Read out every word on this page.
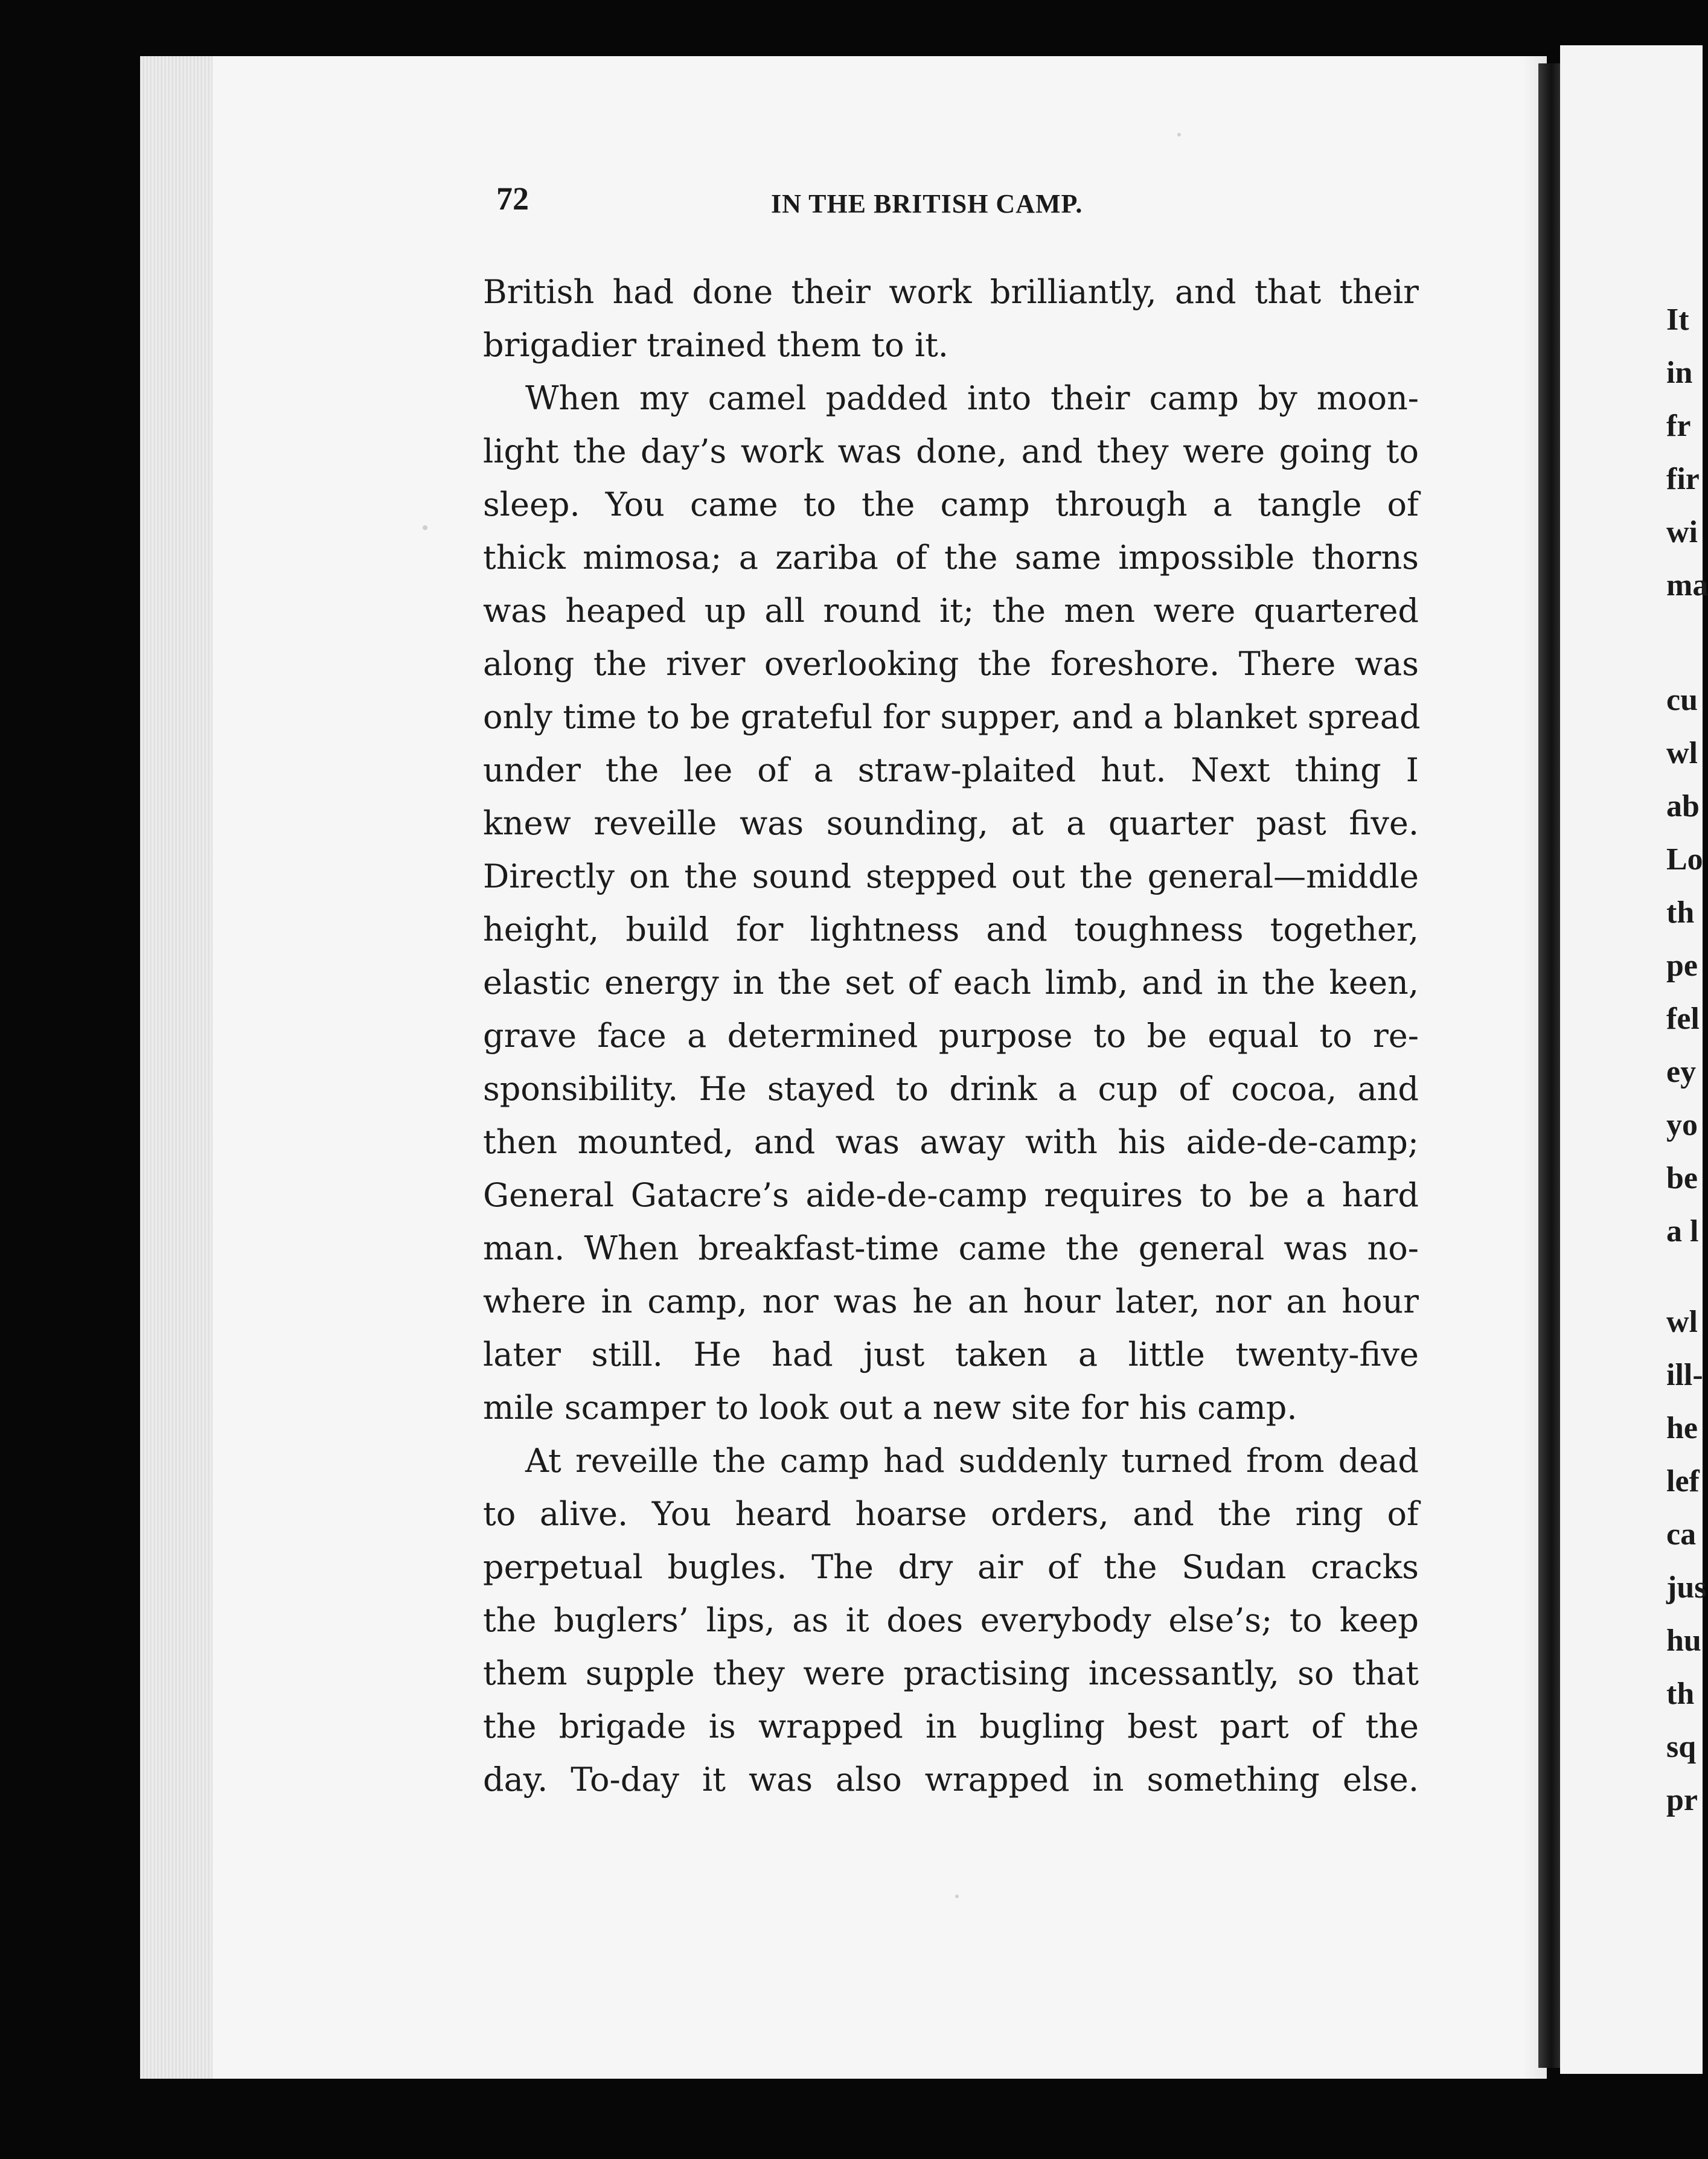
72	IN THE BRITISH CAMP.
British had done their work brilliantly, and that their
brigadier trained them to it.
When my camel padded into their camp by moon-
light the day’s work was done, and they were going to
sleep. You came to the camp through a tangle of
thick mimosa; a zariba of the same impossible thorns
was heaped up all round it; the men were quartered
along the river overlooking the foreshore. There was
only time to be grateful for supper, and a blanket spread
under the lee of a straw-plaited hut. Next thing I
knew reveille was sounding, at a quarter past five.
Directly on the sound stepped out the general—middle
height, build for lightness and toughness together,
elastic energy in the set of each limb, and in the keen,
grave face a determined purpose to be equal to re-
sponsibility. He stayed to drink a cup of cocoa, and
then mounted, and was away with his aide-de-camp;
General Gatacre’s aide-de-camp requires to be a hard
man. When breakfast-time came the general was no-
where in camp, nor was he an hour later, nor an hour
later still. He had just taken a little twenty-five
mile scamper to look out a new site for his camp.
At reveille the camp had suddenly turned from dead
to alive. You heard hoarse orders, and the ring of
perpetual bugles. The dry air of the Sudan cracks
the buglers’ lips, as it does everybody else’s; to keep
them supple they were practising incessantly, so that
the brigade is wrapped in bugling best part of the
day. To-day it was also wrapped in something else.
It
in
fr
fir
wi
ma
cu
wl
ab
Lo
th
pe
fel
ey
yo
be
a l
wl
ill-
he
lef
ca
jus
hu
th
sq
pr
